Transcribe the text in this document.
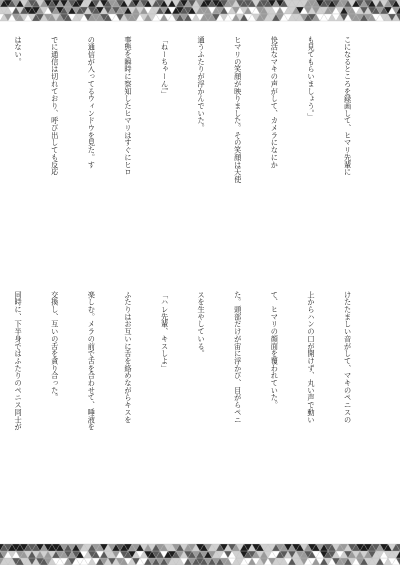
こになるところを録画して、ヒマリ先輩に

も見てもらいましょう。」

快活なマキの声がして、カメラになにか

ヒマリの笑顔が映りました。その笑顔は天使

通うふたりが浮かんでいた。

「ねーちゃーん!」

事態を瞬時に察知したヒマリはすぐにヒロ

の通信が入ってるウィンドウを見た。す

でに通信は切れており、呼び出しても反応

はない。

けたたましい音がして、マキのペニスの

上からハンの口が開けず、丸い声で動い

て、ヒマリの顔面を覆われていた。

た。頭部だけが宙に浮かび、目がらペニ

スを生やしている。

「ハレ先輩、キスしよ」

ふたりはお互いに舌を絡めながらキスを

楽しむ。メラの前で舌を合わせて、唾液を

交換し、互いの舌を貪り合った。

同時に、下半身ではふたりのペニス同士が
